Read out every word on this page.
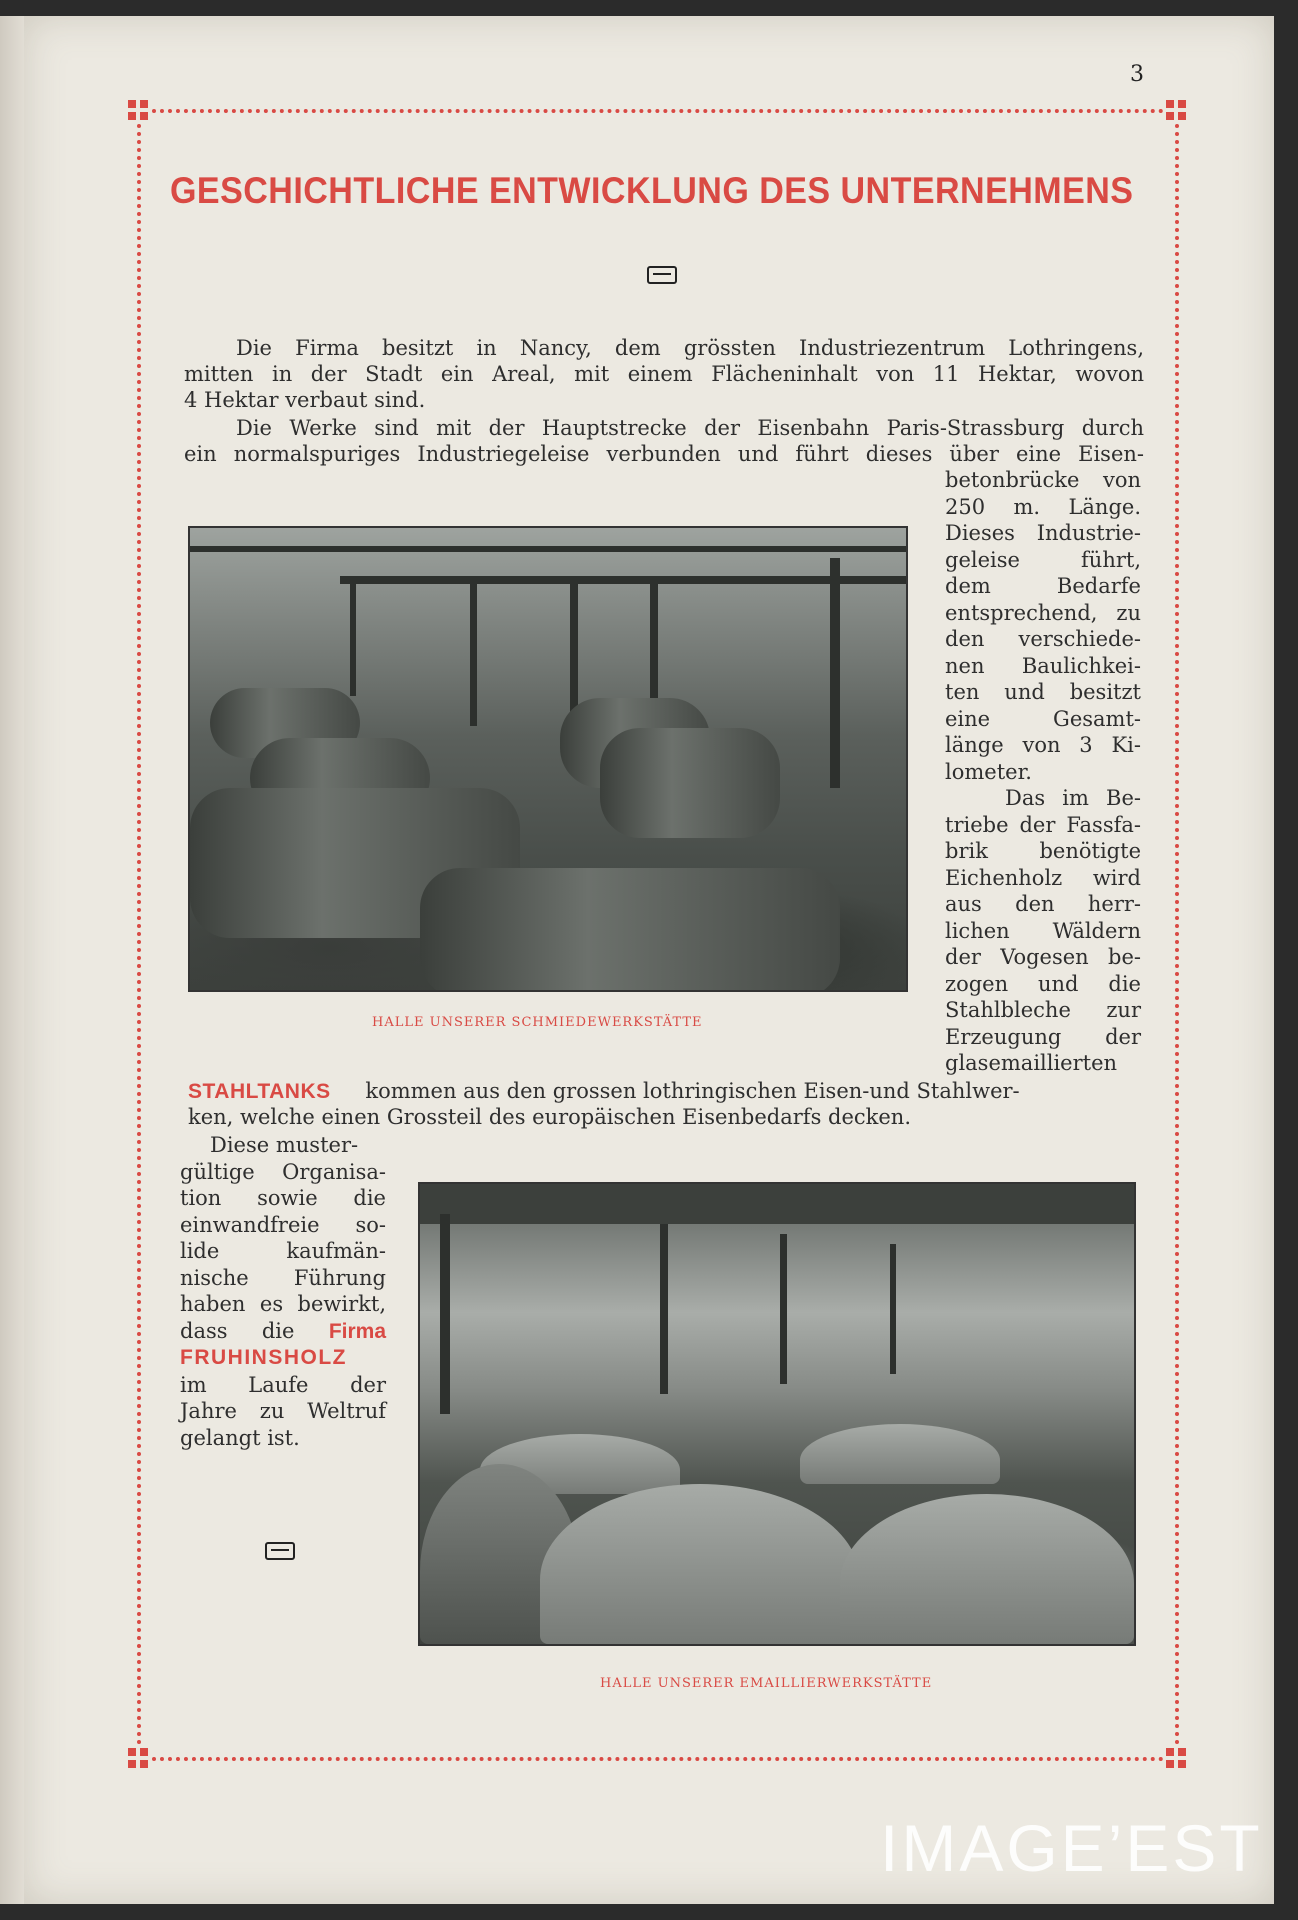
3
GESCHICHTLICHE ENTWICKLUNG DES UNTERNEHMENS
Die Firma besitzt in Nancy, dem grössten Industriezentrum Lothringens,
mitten in der Stadt ein Areal, mit einem Flächeninhalt von 11 Hektar, wovon
4 Hektar verbaut sind.
Die Werke sind mit der Hauptstrecke der Eisenbahn Paris-Strassburg durch
ein normalspuriges Industriegeleise verbunden und führt dieses über eine Eisen-
betonbrücke von
250 m. Länge.
Dieses Industrie-
geleise führt,
dem Bedarfe
entsprechend, zu
den verschiede-
nen Baulichkei-
ten und besitzt
eine Gesamt-
länge von 3 Ki-
lometer.
Das im Be-
triebe der Fassfa-
brik benötigte
Eichenholz wird
aus den herr-
lichen Wäldern
der Vogesen be-
zogen und die
Stahlbleche zur
Erzeugung der
glasemaillierten
HALLE UNSERER SCHMIEDEWERKSTÄTTE
STAHLTANKS kommen aus den grossen lothringischen Eisen-und Stahlwer-
ken, welche einen Grossteil des europäischen Eisenbedarfs decken.
Diese muster-
gültige Organisa-
tion sowie die
einwandfreie so-
lide kaufmän-
nische Führung
haben es bewirkt,
dass die Firma
FRUHINSHOLZ
im Laufe der
Jahre zu Weltruf
gelangt ist.
HALLE UNSERER EMAILLIERWERKSTÄTTE
IMAGE’EST
